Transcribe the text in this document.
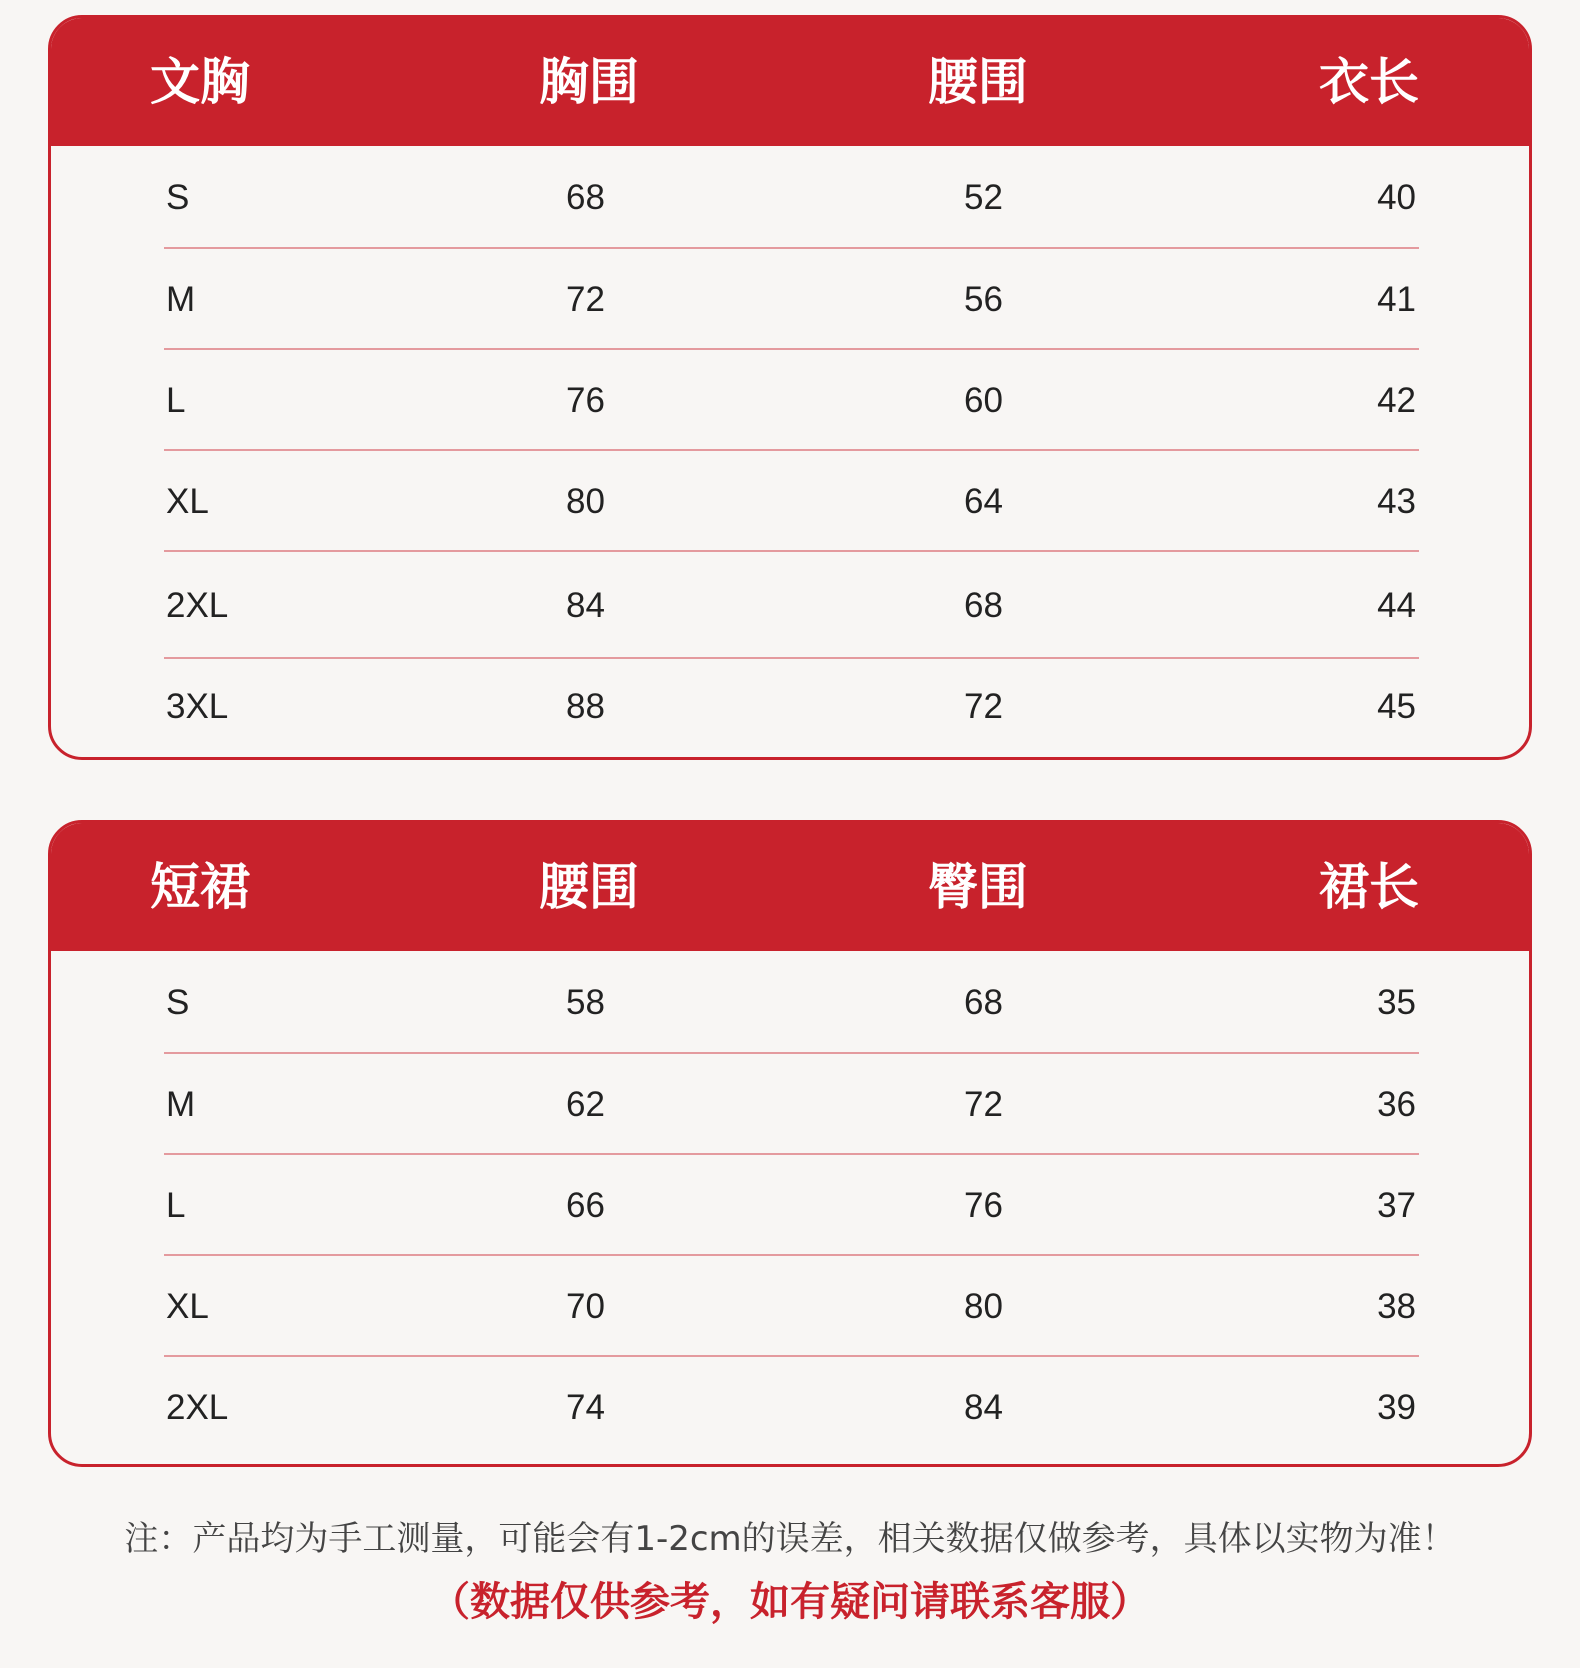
文胸	胸围	腰围	衣长
S	68	52	40
M	72	56	41
L	76	60	42
XL	80	64	43
2XL	84	68	44
3XL	88	72	45
短裙	腰围	臀围	裙长
S	58	68	35
M	62	72	36
L	66	76	37
XL	70	80	38
2XL	74	84	39
注：产品均为手工测量，可能会有1-2cm的误差，相关数据仅做参考，具体以实物为准！
（数据仅供参考，如有疑问请联系客服）
